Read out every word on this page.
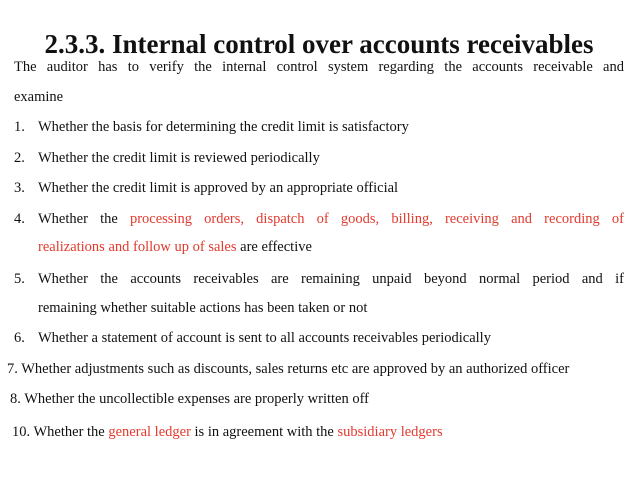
2.3.3. Internal control over accounts receivables
The auditor has to verify the internal control system regarding the accounts receivable and
examine
1. Whether the basis for determining the credit limit is satisfactory
2. Whether the credit limit is reviewed periodically
3. Whether the credit limit is approved by an appropriate official
4. Whether the processing orders, dispatch of goods, billing, receiving and recording of
realizations and follow up of sales are effective
5. Whether the accounts receivables are remaining unpaid beyond normal period and if
remaining whether suitable actions has been taken or not
6. Whether a statement of account is sent to all accounts receivables periodically
7. Whether adjustments such as discounts, sales returns etc are approved by an authorized officer
8. Whether the uncollectible expenses are properly written off
10. Whether the general ledger is in agreement with the subsidiary ledgers
